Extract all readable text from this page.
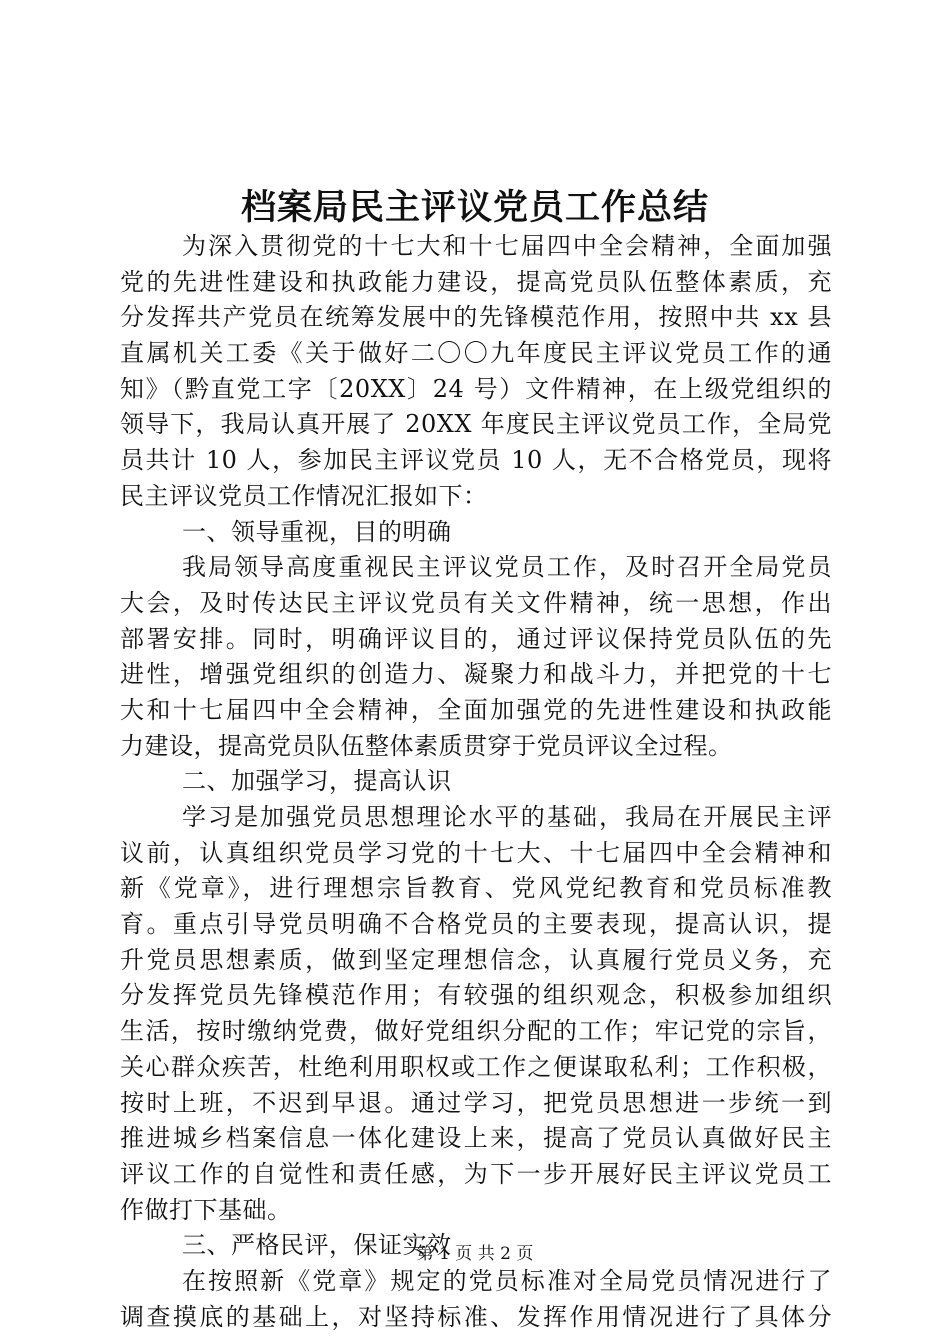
档案局民主评议党员工作总结
为深入贯彻党的十七大和十七届四中全会精神，全面加强
党的先进性建设和执政能力建设，提高党员队伍整体素质，充
分发挥共产党员在统筹发展中的先锋模范作用，按照中共 xx 县
直属机关工委《关于做好二〇〇九年度民主评议党员工作的通
知》（黔直党工字〔20XX〕24 号）文件精神，在上级党组织的
领导下，我局认真开展了 20XX 年度民主评议党员工作，全局党
员共计 10 人，参加民主评议党员 10 人，无不合格党员，现将
民主评议党员工作情况汇报如下：
一、领导重视，目的明确
我局领导高度重视民主评议党员工作，及时召开全局党员
大会，及时传达民主评议党员有关文件精神，统一思想，作出
部署安排。同时，明确评议目的，通过评议保持党员队伍的先
进性，增强党组织的创造力、凝聚力和战斗力，并把党的十七
大和十七届四中全会精神，全面加强党的先进性建设和执政能
力建设，提高党员队伍整体素质贯穿于党员评议全过程。
二、加强学习，提高认识
学习是加强党员思想理论水平的基础，我局在开展民主评
议前，认真组织党员学习党的十七大、十七届四中全会精神和
新《党章》，进行理想宗旨教育、党风党纪教育和党员标准教
育。重点引导党员明确不合格党员的主要表现，提高认识，提
升党员思想素质，做到坚定理想信念，认真履行党员义务，充
分发挥党员先锋模范作用；有较强的组织观念，积极参加组织
生活，按时缴纳党费，做好党组织分配的工作；牢记党的宗旨，
关心群众疾苦，杜绝利用职权或工作之便谋取私利；工作积极，
按时上班，不迟到早退。通过学习，把党员思想进一步统一到
推进城乡档案信息一体化建设上来，提高了党员认真做好民主
评议工作的自觉性和责任感，为下一步开展好民主评议党员工
作做打下基础。
三、严格民评，保证实效
在按照新《党章》规定的党员标准对全局党员情况进行了
调查摸底的基础上，对坚持标准、发挥作用情况进行了具体分
第 1 页 共 2 页
